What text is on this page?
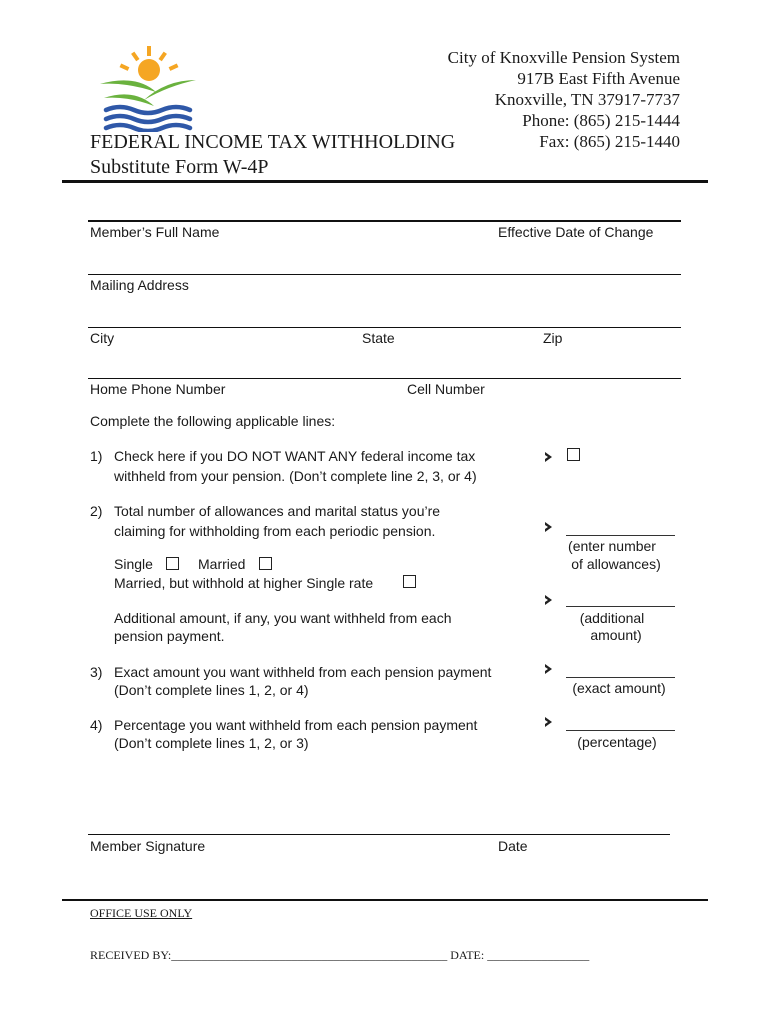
City of Knoxville Pension System
917B East Fifth Avenue
Knoxville, TN 37917-7737
Phone: (865) 215-1444
Fax: (865) 215-1440
FEDERAL INCOME TAX WITHHOLDING
Substitute Form W-4P
Member’s Full Name	Effective Date of Change
Mailing Address
City	State	Zip
Home Phone Number	Cell Number
Complete the following applicable lines:
1) Check here if you DO NOT WANT ANY federal income tax
withheld from your pension. (Don’t complete line 2, 3, or 4)
2) Total number of allowances and marital status you’re
claiming for withholding from each periodic pension.
(enter number
of allowances)
Single	Married
Married, but withhold at higher Single rate
Additional amount, if any, you want withheld from each
pension payment.
(additional
amount)
3) Exact amount you want withheld from each pension payment
(Don’t complete lines 1, 2, or 4)	(exact amount)
4) Percentage you want withheld from each pension payment
(Don’t complete lines 1, 2, or 3)	(percentage)
Member Signature	Date
OFFICE USE ONLY
RECEIVED BY:______________________________________________ DATE: _________________
